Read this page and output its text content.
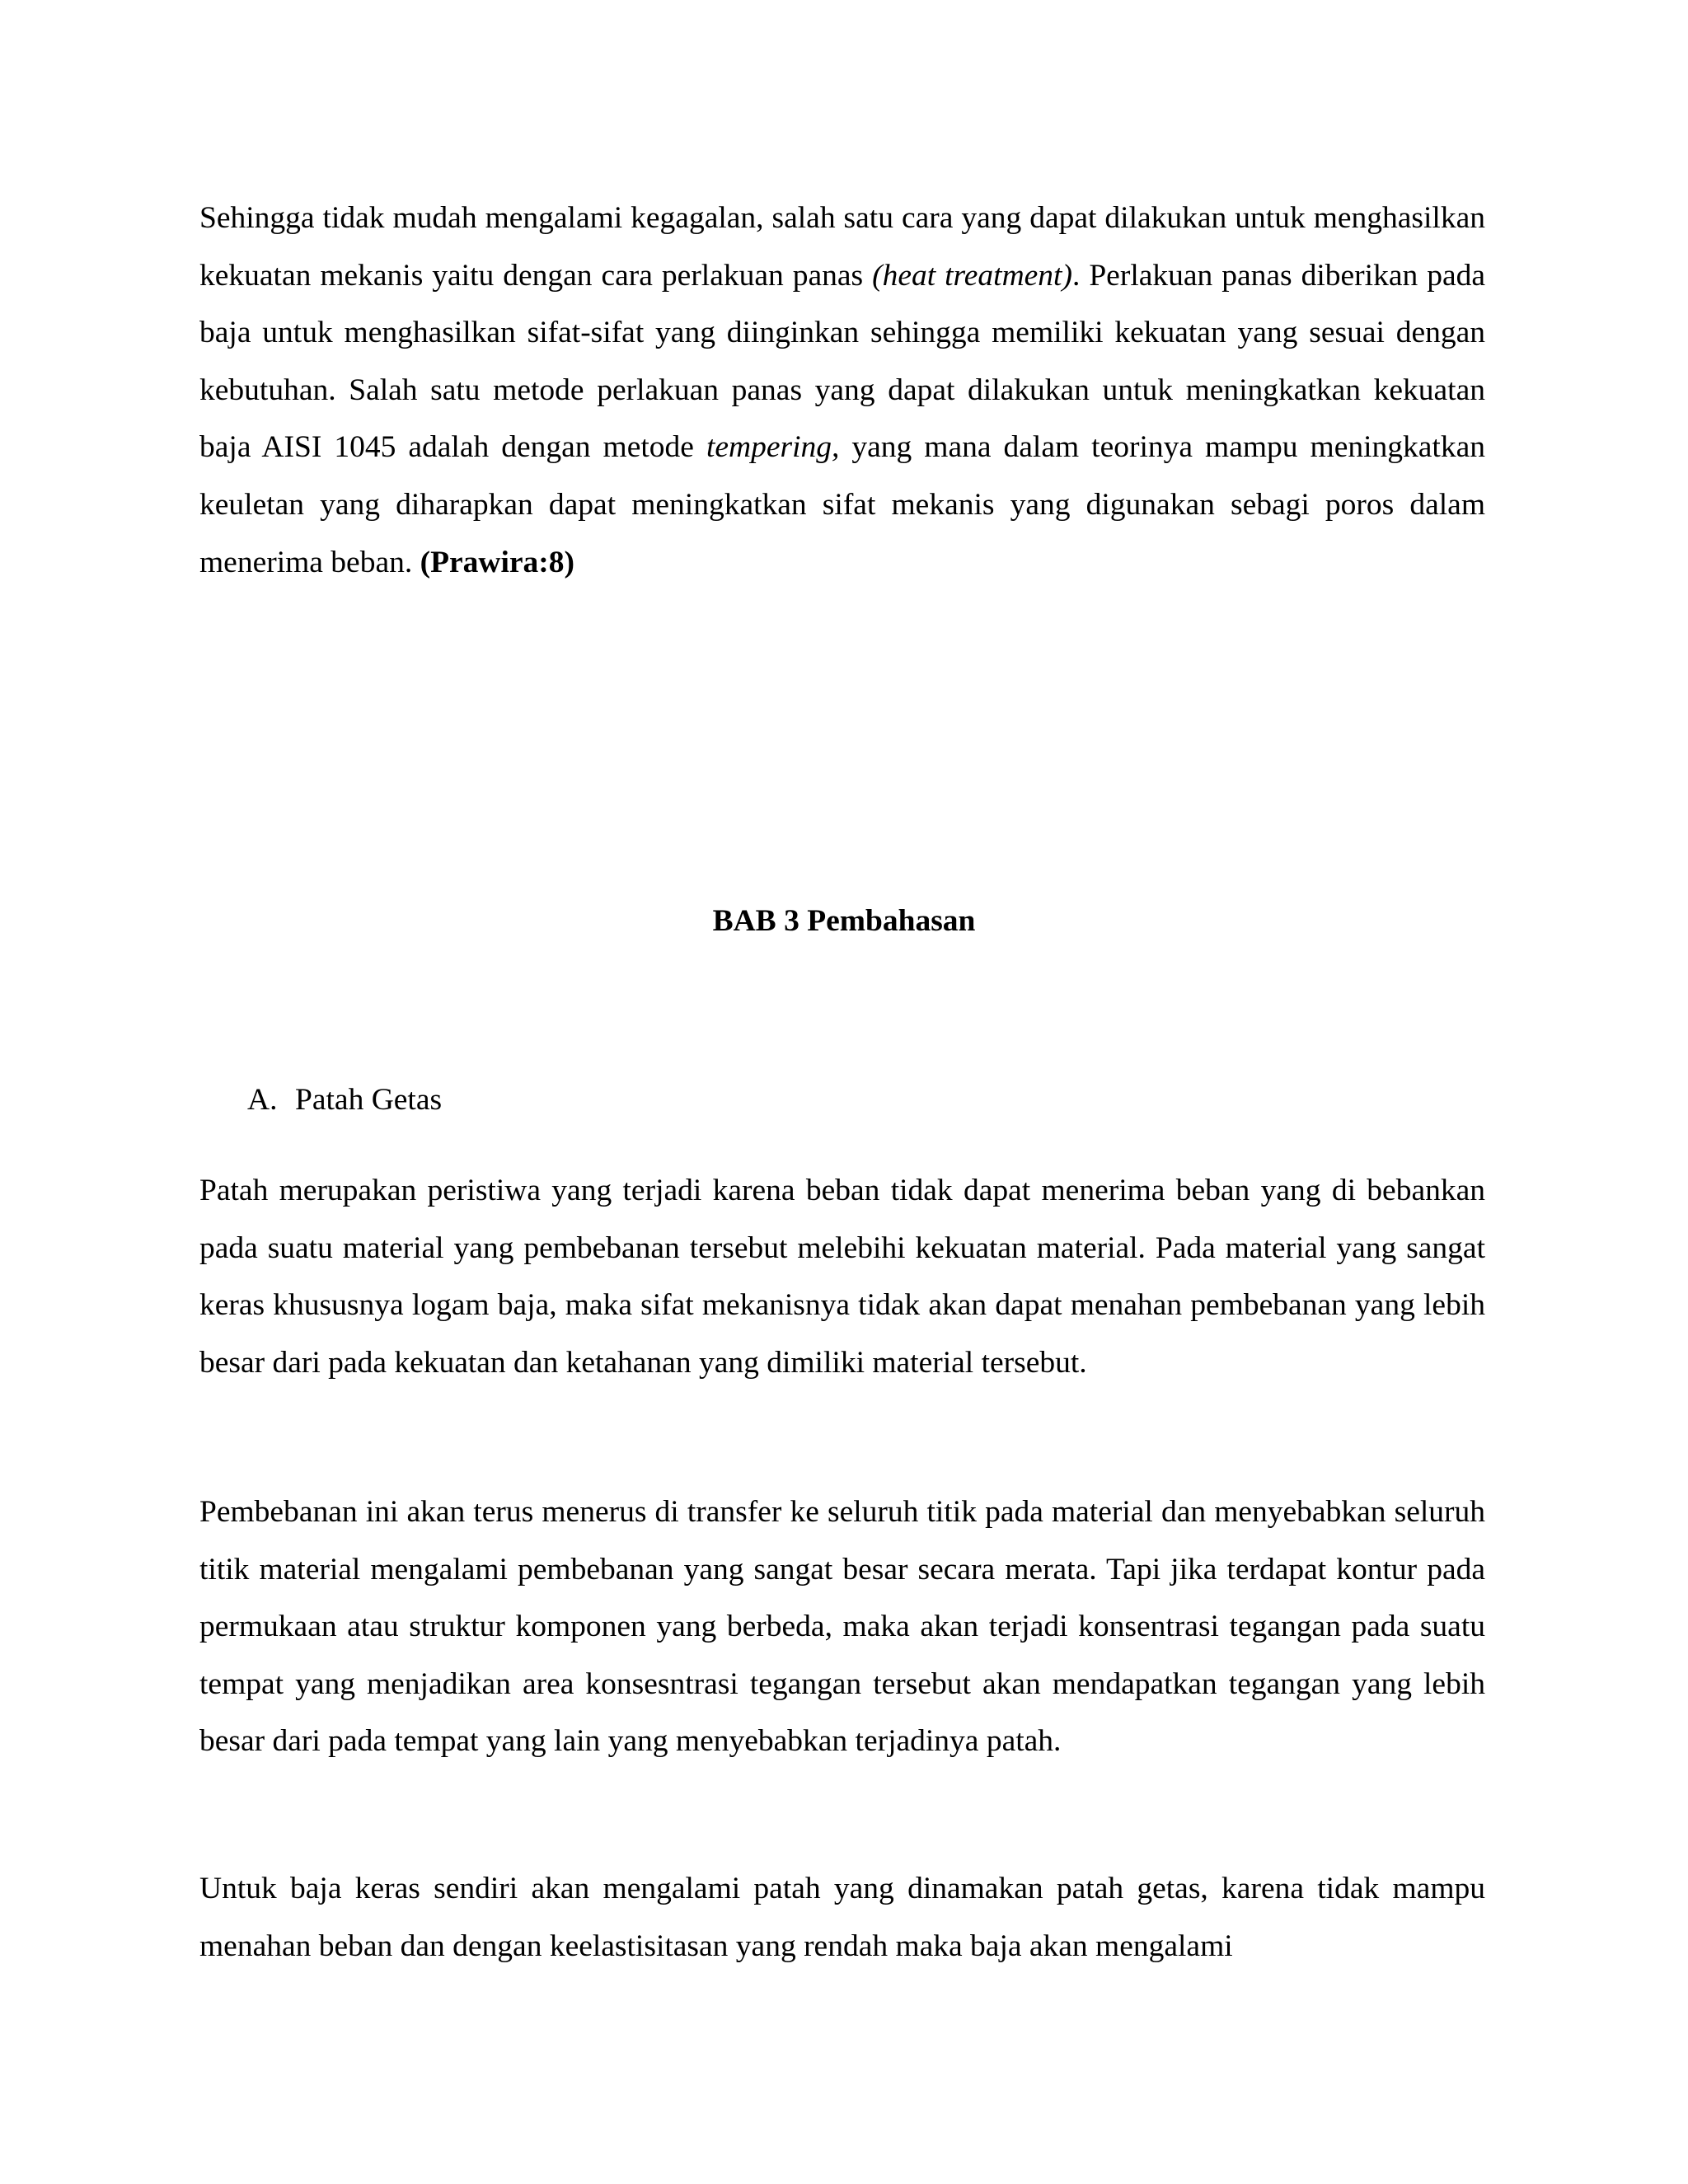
Sehingga tidak mudah mengalami kegagalan, salah satu cara yang dapat dilakukan untuk menghasilkan kekuatan mekanis yaitu dengan cara perlakuan panas (heat treatment). Perlakuan panas diberikan pada baja untuk menghasilkan sifat-sifat yang diinginkan sehingga memiliki kekuatan yang sesuai dengan kebutuhan. Salah satu metode perlakuan panas yang dapat dilakukan untuk meningkatkan kekuatan baja AISI 1045 adalah dengan metode tempering, yang mana dalam teorinya mampu meningkatkan keuletan yang diharapkan dapat meningkatkan sifat mekanis yang digunakan sebagi poros dalam menerima beban. (Prawira:8)

BAB 3 Pembahasan
A. Patah Getas

Patah merupakan peristiwa yang terjadi karena beban tidak dapat menerima beban yang di bebankan pada suatu material yang pembebanan tersebut melebihi kekuatan material. Pada material yang sangat keras khususnya logam baja, maka sifat mekanisnya tidak akan dapat menahan pembebanan yang lebih besar dari pada kekuatan dan ketahanan yang dimiliki material tersebut.

Pembebanan ini akan terus menerus di transfer ke seluruh titik pada material dan menyebabkan seluruh titik material mengalami pembebanan yang sangat besar secara merata. Tapi jika terdapat kontur pada permukaan atau struktur komponen yang berbeda, maka akan terjadi konsentrasi tegangan pada suatu tempat yang menjadikan area konsesntrasi tegangan tersebut akan mendapatkan tegangan yang lebih besar dari pada tempat yang lain yang menyebabkan terjadinya patah.

Untuk baja keras sendiri akan mengalami patah yang dinamakan patah getas, karena tidak mampu menahan beban dan dengan keelastisitasan yang rendah maka baja akan mengalami
